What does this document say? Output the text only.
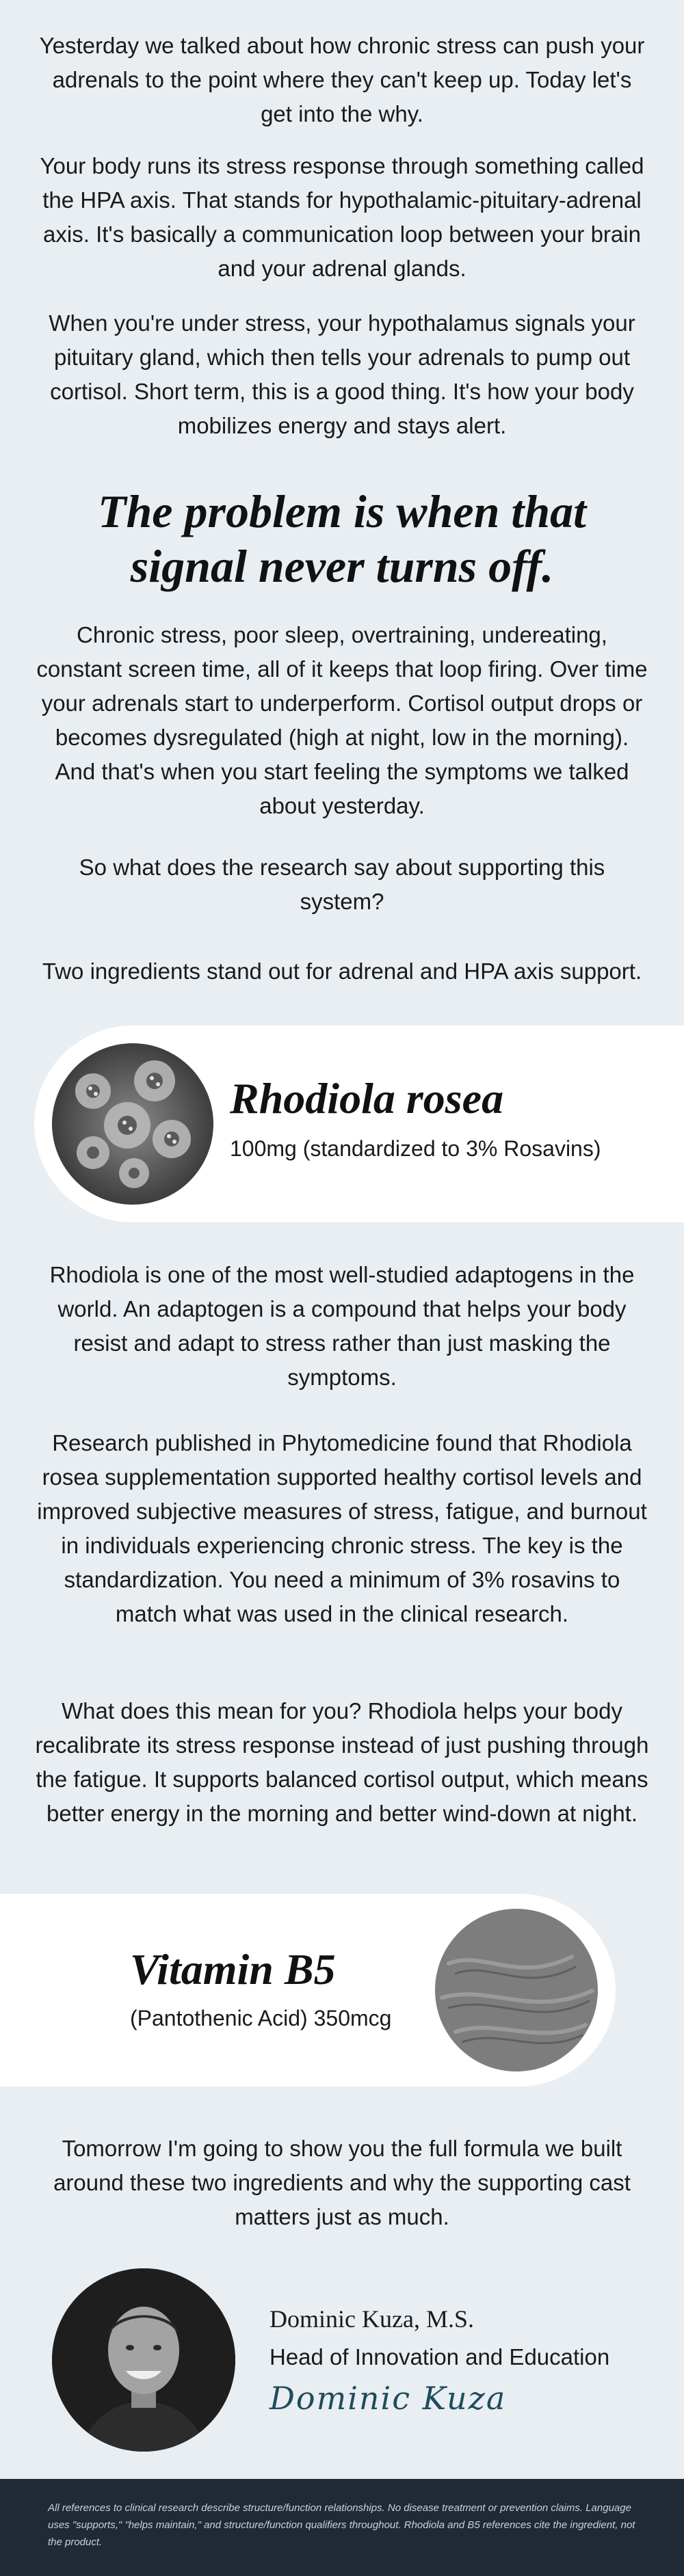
Yesterday we talked about how chronic stress can push your adrenals to the point where they can't keep up. Today let's get into the why.

Your body runs its stress response through something called the HPA axis. That stands for hypothalamic-pituitary-adrenal axis. It's basically a communication loop between your brain and your adrenal glands.

When you're under stress, your hypothalamus signals your pituitary gland, which then tells your adrenals to pump out cortisol. Short term, this is a good thing. It's how your body mobilizes energy and stays alert.

The problem is when that signal never turns off.

Chronic stress, poor sleep, overtraining, undereating, constant screen time, all of it keeps that loop firing. Over time your adrenals start to underperform. Cortisol output drops or becomes dysregulated (high at night, low in the morning). And that's when you start feeling the symptoms we talked about yesterday.

So what does the research say about supporting this system?

Two ingredients stand out for adrenal and HPA axis support.

Rhodiola rosea

100mg (standardized to 3% Rosavins)

Rhodiola is one of the most well-studied adaptogens in the world. An adaptogen is a compound that helps your body resist and adapt to stress rather than just masking the symptoms.

Research published in Phytomedicine found that Rhodiola rosea supplementation supported healthy cortisol levels and improved subjective measures of stress, fatigue, and burnout in individuals experiencing chronic stress. The key is the standardization. You need a minimum of 3% rosavins to match what was used in the clinical research.

What does this mean for you? Rhodiola helps your body recalibrate its stress response instead of just pushing through the fatigue. It supports balanced cortisol output, which means better energy in the morning and better wind-down at night.

Vitamin B5

(Pantothenic Acid) 350mcg

Tomorrow I'm going to show you the full formula we built around these two ingredients and why the supporting cast matters just as much.

Dominic Kuza, M.S.

Head of Innovation and Education

Dominic Kuza

All references to clinical research describe structure/function relationships. No disease treatment or prevention claims. Language uses "supports," "helps maintain," and structure/function qualifiers throughout. Rhodiola and B5 references cite the ingredient, not the product.
